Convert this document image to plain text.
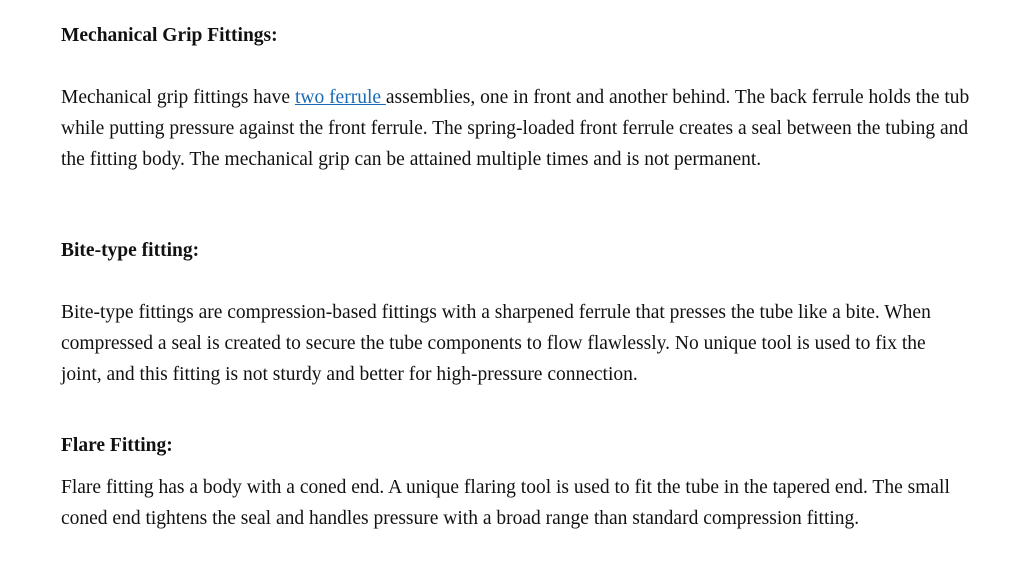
Mechanical Grip Fittings:

Mechanical grip fittings have two ferrule assemblies, one in front and another behind. The back ferrule holds the tub while putting pressure against the front ferrule. The spring-loaded front ferrule creates a seal between the tubing and the fitting body. The mechanical grip can be attained multiple times and is not permanent.

Bite-type fitting:

Bite-type fittings are compression-based fittings with a sharpened ferrule that presses the tube like a bite. When compressed a seal is created to secure the tube components to flow flawlessly. No unique tool is used to fix the joint, and this fitting is not sturdy and better for high-pressure connection.

Flare Fitting:

Flare fitting has a body with a coned end. A unique flaring tool is used to fit the tube in the tapered end. The small coned end tightens the seal and handles pressure with a broad range than standard compression fitting.
